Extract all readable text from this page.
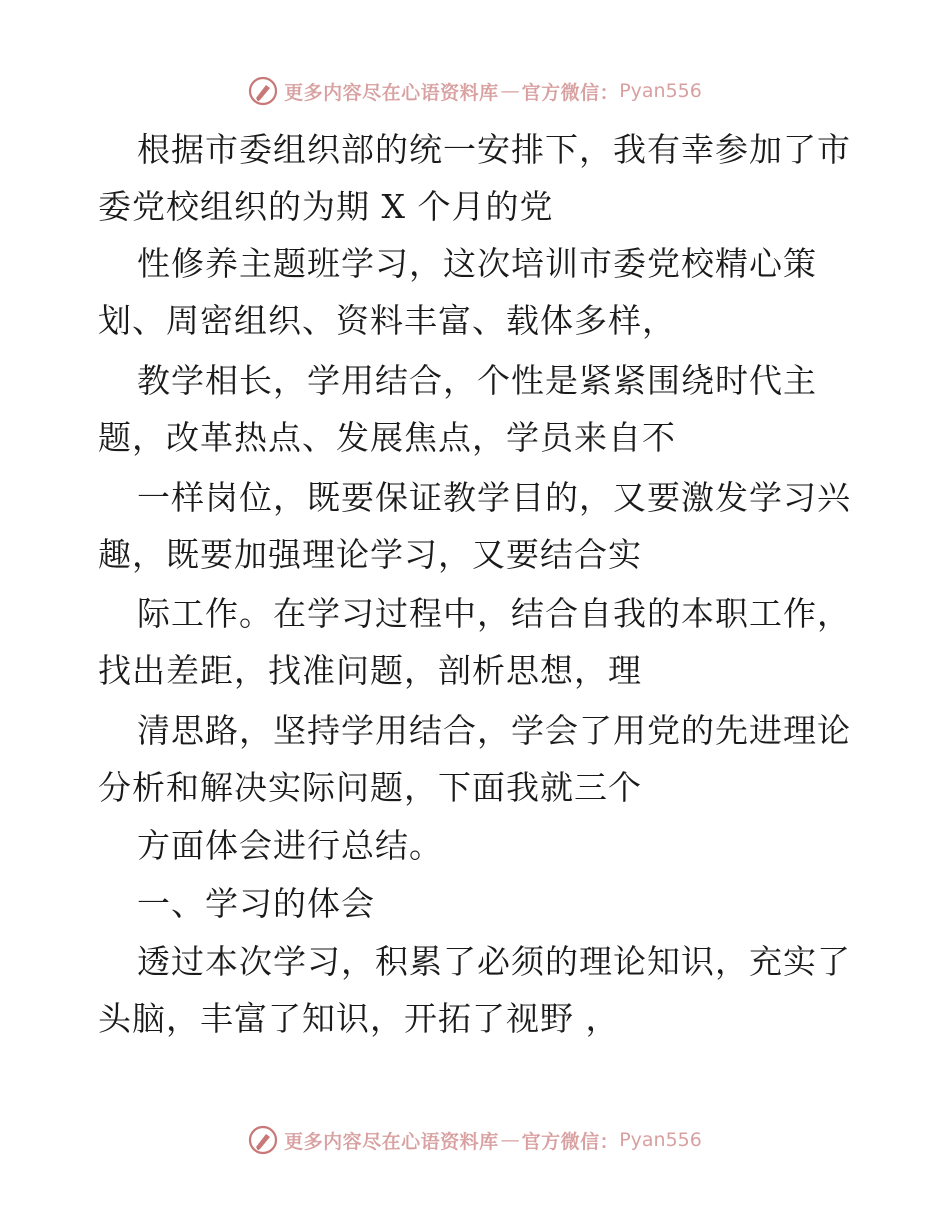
更多内容尽在心语资料库 — 官方微信： Pyan556
根据市委组织部的统一安排下，我有幸参加了市
委党校组织的为期 X 个月的党
性修养主题班学习，这次培训市委党校精心策
划、周密组织、资料丰富、载体多样，
教学相长，学用结合，个性是紧紧围绕时代主
题，改革热点、发展焦点，学员来自不
一样岗位，既要保证教学目的，又要激发学习兴
趣，既要加强理论学习，又要结合实
际工作。在学习过程中，结合自我的本职工作，
找出差距，找准问题，剖析思想，理
清思路，坚持学用结合，学会了用党的先进理论
分析和解决实际问题，下面我就三个
方面体会进行总结。
一、学习的体会
透过本次学习，积累了必须的理论知识，充实了
头脑，丰富了知识，开拓了视野 ，
更多内容尽在心语资料库 — 官方微信： Pyan556
